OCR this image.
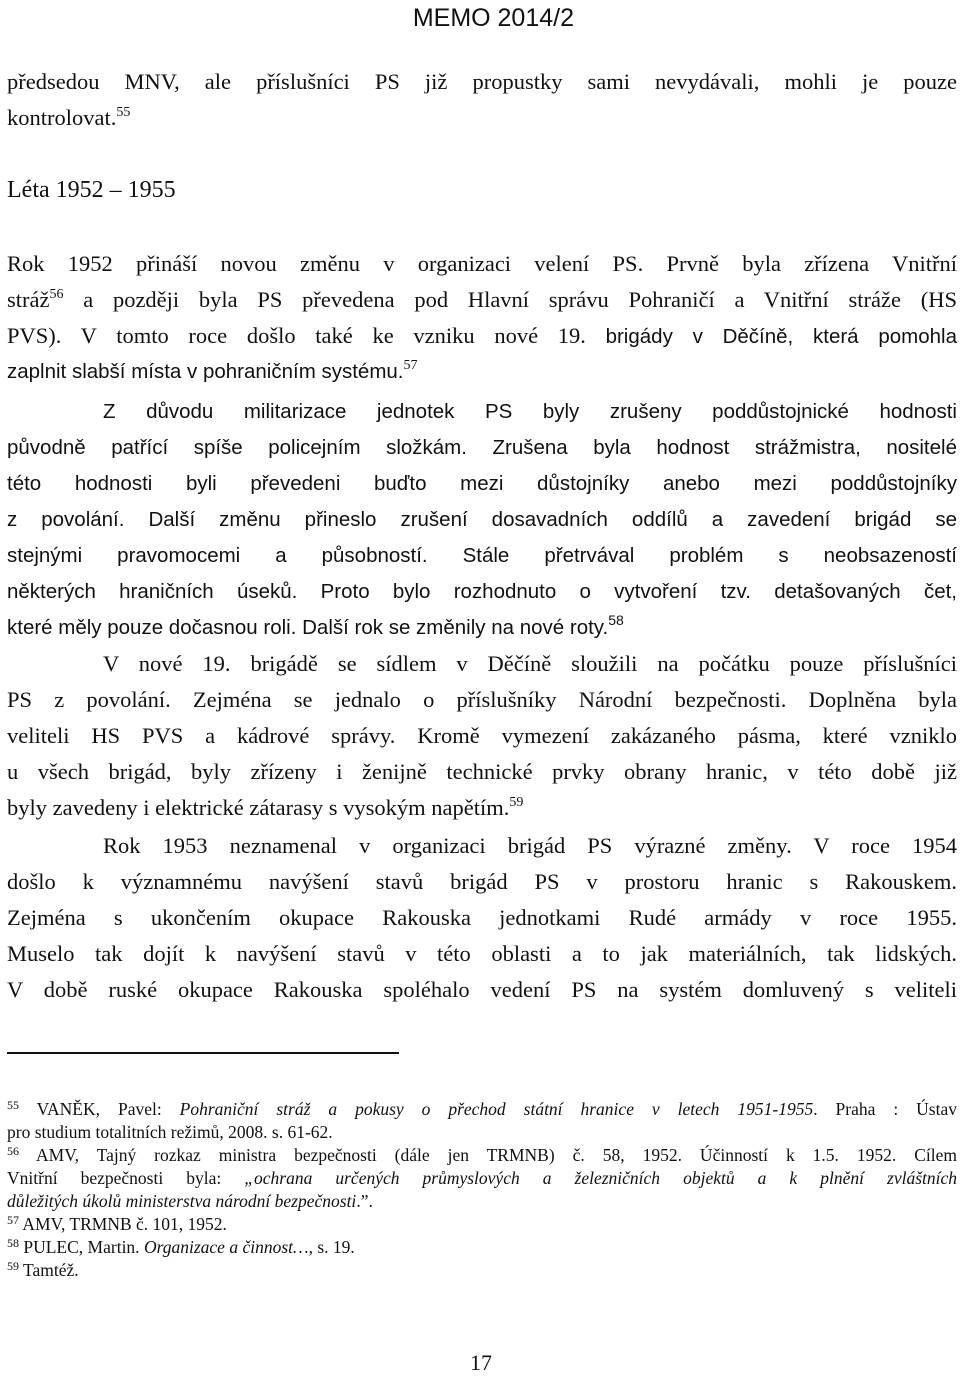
MEMO 2014/2
předsedou MNV, ale příslušníci PS již propustky sami nevydávali, mohli je pouze
kontrolovat.$^{55}$
Léta 1952 – 1955
Rok 1952 přináší novou změnu v organizaci velení PS. Prvně byla zřízena Vnitřní
stráž$^{56}$ a později byla PS převedena pod Hlavní správu Pohraničí a Vnitřní stráže (HS
PVS). V tomto roce došlo také ke vzniku nové 19. brigády v Děčíně, která pomohla
zaplnit slabší místa v pohraničním systému.$^{57}$
Z důvodu militarizace jednotek PS byly zrušeny poddůstojnické hodnosti
původně patřící spíše policejním složkám. Zrušena byla hodnost strážmistra, nositelé
této hodnosti byli převedeni buďto mezi důstojníky anebo mezi poddůstojníky
z povolání. Další změnu přineslo zrušení dosavadních oddílů a zavedení brigád se
stejnými pravomocemi a působností. Stále přetrvával problém s neobsazeností
některých hraničních úseků. Proto bylo rozhodnuto o vytvoření tzv. detašovaných čet,
které měly pouze dočasnou roli. Další rok se změnily na nové roty.$^{58}$
V nové 19. brigádě se sídlem v Děčíně sloužili na počátku pouze příslušníci
PS z povolání. Zejména se jednalo o příslušníky Národní bezpečnosti. Doplněna byla
veliteli HS PVS a kádrové správy. Kromě vymezení zakázaného pásma, které vzniklo
u všech brigád, byly zřízeny i ženijně technické prvky obrany hranic, v této době již
byly zavedeny i elektrické zátarasy s vysokým napětím.$^{59}$
Rok 1953 neznamenal v organizaci brigád PS výrazné změny. V roce 1954
došlo k významnému navýšení stavů brigád PS v prostoru hranic s Rakouskem.
Zejména s ukončením okupace Rakouska jednotkami Rudé armády v roce 1955.
Muselo tak dojít k navýšení stavů v této oblasti a to jak materiálních, tak lidských.
V době ruské okupace Rakouska spoléhalo vedení PS na systém domluvený s veliteli
$^{55}$ VANĚK, Pavel: Pohraniční stráž a pokusy o přechod státní hranice v letech 1951-1955. Praha : Ústav
pro studium totalitních režimů, 2008. s. 61-62.
$^{56}$ AMV, Tajný rozkaz ministra bezpečnosti (dále jen TRMNB) č. 58, 1952. Účinností k 1.5. 1952. Cílem
Vnitřní bezpečnosti byla: „ochrana určených průmyslových a železničních objektů a k plnění zvláštních
důležitých úkolů ministerstva národní bezpečnosti.”.
$^{57}$ AMV, TRMNB č. 101, 1952.
$^{58}$ PULEC, Martin. Organizace a činnost…, s. 19.
$^{59}$ Tamtéž.
17
